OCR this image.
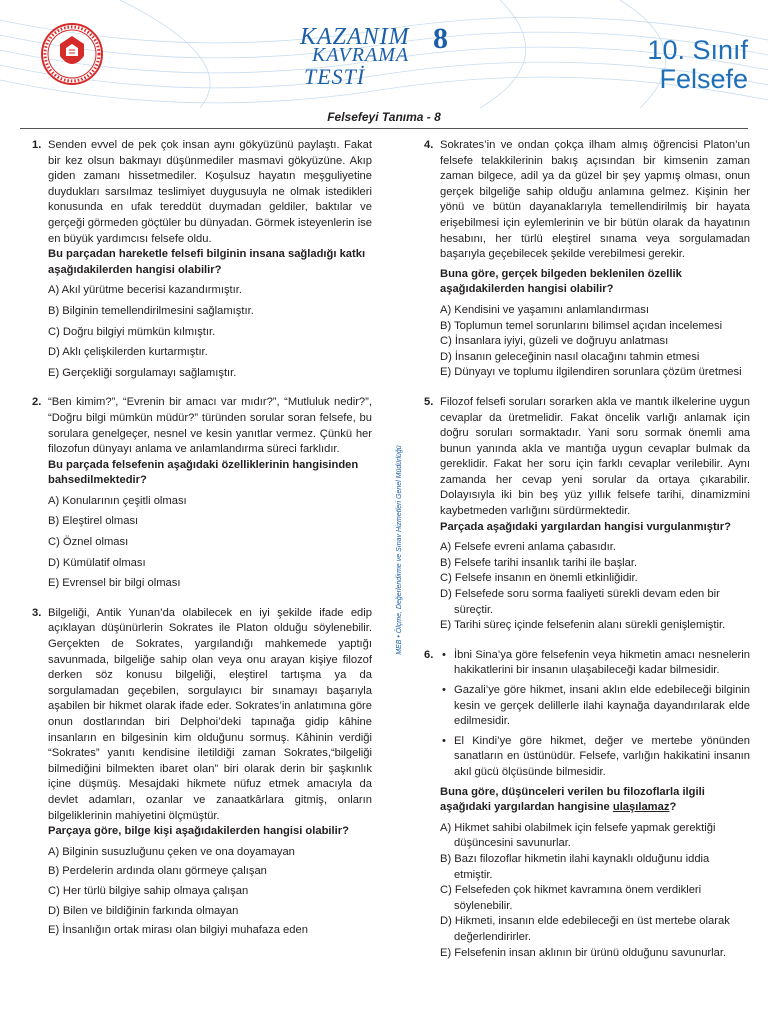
KAZANIM
KAVRAMA
TESTİ
8	10. Sınıf
Felsefe
Felsefeyi Tanıma - 8
MEB • Ölçme, Değerlendirme ve Sınav Hizmetleri Genel Müdürlüğü
1. Senden evvel de pek çok insan aynı gökyüzünü paylaştı. Fakat bir kez olsun bakmayı düşünmediler masmavi gökyüzüne. Akıp giden zamanı hissetmediler. Koşulsuz hayatın meşguliyetine duydukları sarsılmaz teslimiyet duygusuyla ne olmak istedikleri konusunda en ufak tereddüt duymadan geldiler, baktılar ve gerçeği görmeden göçtüler bu dünyadan. Görmek isteyenlerin ise en büyük yardımcısı felsefe oldu.
Bu parçadan hareketle felsefi bilginin insana sağladığı katkı aşağıdakilerden hangisi olabilir?
A) Akıl yürütme becerisi kazandırmıştır.
B) Bilginin temellendirilmesini sağlamıştır.
C) Doğru bilgiyi mümkün kılmıştır.
D) Aklı çelişkilerden kurtarmıştır.
E) Gerçekliği sorgulamayı sağlamıştır.
2. “Ben kimim?”, “Evrenin bir amacı var mıdır?”, “Mutluluk nedir?”, “Doğru bilgi mümkün müdür?” türünden sorular soran felsefe, bu sorulara genelgeçer, nesnel ve kesin yanıtlar vermez. Çünkü her filozofun dünyayı anlama ve anlamlandırma süreci farklıdır.
Bu parçada felsefenin aşağıdaki özelliklerinin hangisinden bahsedilmektedir?
A) Konularının çeşitli olması
B) Eleştirel olması
C) Öznel olması
D) Kümülatif olması
E) Evrensel bir bilgi olması
3. Bilgeliği, Antik Yunan’da olabilecek en iyi şekilde ifade edip açıklayan düşünürlerin Sokrates ile Platon olduğu söylenebilir. Gerçekten de Sokrates, yargılandığı mahkemede yaptığı savunmada, bilgeliğe sahip olan veya onu arayan kişiye filozof derken söz konusu bilgeliği, eleştirel tartışma ya da sorgulamadan geçebilen, sorgulayıcı bir sınamayı başarıyla aşabilen bir hikmet olarak ifade eder. Sokrates’in anlatımına göre onun dostlarından biri Delphoi’deki tapınağa gidip kâhine insanların en bilgesinin kim olduğunu sormuş. Kâhinin verdiği “Sokrates” yanıtı kendisine iletildiği zaman Sokrates,“bilgeliği bilmediğini bilmekten ibaret olan” biri olarak derin bir şaşkınlık içine düşmüş. Mesajdaki hikmete nüfuz etmek amacıyla da devlet adamları, ozanlar ve zanaatkârlara gitmiş, onların bilgeliklerinin mahiyetini ölçmüştür.
Parçaya göre, bilge kişi aşağıdakilerden hangisi olabilir?
A) Bilginin susuzluğunu çeken ve ona doyamayan
B) Perdelerin ardında olanı görmeye çalışan
C) Her türlü bilgiye sahip olmaya çalışan
D) Bilen ve bildiğinin farkında olmayan
E) İnsanlığın ortak mirası olan bilgiyi muhafaza eden
4. Sokrates’in ve ondan çokça ilham almış öğrencisi Platon’un felsefe telakkilerinin bakış açısından bir kimsenin zaman zaman bilgece, adil ya da güzel bir şey yapmış olması, onun gerçek bilgeliğe sahip olduğu anlamına gelmez. Kişinin her yönü ve bütün dayanaklarıyla temellendirilmiş bir hayata erişebilmesi için eylemlerinin ve bir bütün olarak da hayatının hesabını, her türlü eleştirel sınama veya sorgulamadan başarıyla geçebilecek şekilde verebilmesi gerekir.
Buna göre, gerçek bilgeden beklenilen özellik aşağıdakilerden hangisi olabilir?
A) Kendisini ve yaşamını anlamlandırması
B) Toplumun temel sorunlarını bilimsel açıdan incelemesi
C) İnsanlara iyiyi, güzeli ve doğruyu anlatması
D) İnsanın geleceğinin nasıl olacağını tahmin etmesi
E) Dünyayı ve toplumu ilgilendiren sorunlara çözüm üretmesi
5. Filozof felsefi soruları sorarken akla ve mantık ilkelerine uygun cevaplar da üretmelidir. Fakat öncelik varlığı anlamak için doğru soruları sormaktadır. Yani soru sormak önemli ama bunun yanında akla ve mantığa uygun cevaplar bulmak da gereklidir. Fakat her soru için farklı cevaplar verilebilir. Aynı zamanda her cevap yeni sorular da ortaya çıkarabilir. Dolayısıyla iki bin beş yüz yıllık felsefe tarihi, dinamizmini kaybetmeden varlığını sürdürmektedir.
Parçada aşağıdaki yargılardan hangisi vurgulanmıştır?
A) Felsefe evreni anlama çabasıdır.
B) Felsefe tarihi insanlık tarihi ile başlar.
C) Felsefe insanın en önemli etkinliğidir.
D) Felsefede soru sorma faaliyeti sürekli devam eden bir süreçtir.
E) Tarihi süreç içinde felsefenin alanı sürekli genişlemiştir.
6.
•	İbni Sina’ya göre felsefenin veya hikmetin amacı nesnelerin hakikatlerini bir insanın ulaşabileceği kadar bilmesidir.
• Gazali’ye göre hikmet, insani aklın elde edebileceği bilginin kesin ve gerçek delillerle ilahi kaynağa dayandırılarak elde edilmesidir.
• El Kindi’ye göre hikmet, değer ve mertebe yönünden sanatların en üstünüdür. Felsefe, varlığın hakikatini insanın akıl gücü ölçüsünde bilmesidir.
Buna göre, düşünceleri verilen bu filozoflarla ilgili aşağıdaki yargılardan hangisine ulaşılamaz?
A) Hikmet sahibi olabilmek için felsefe yapmak gerektiği düşüncesini savunurlar.
B) Bazı filozoflar hikmetin ilahi kaynaklı olduğunu iddia etmiştir.
C) Felsefeden çok hikmet kavramına önem verdikleri söylenebilir.
D) Hikmeti, insanın elde edebileceği en üst mertebe olarak değerlendirirler.
E) Felsefenin insan aklının bir ürünü olduğunu savunurlar.
